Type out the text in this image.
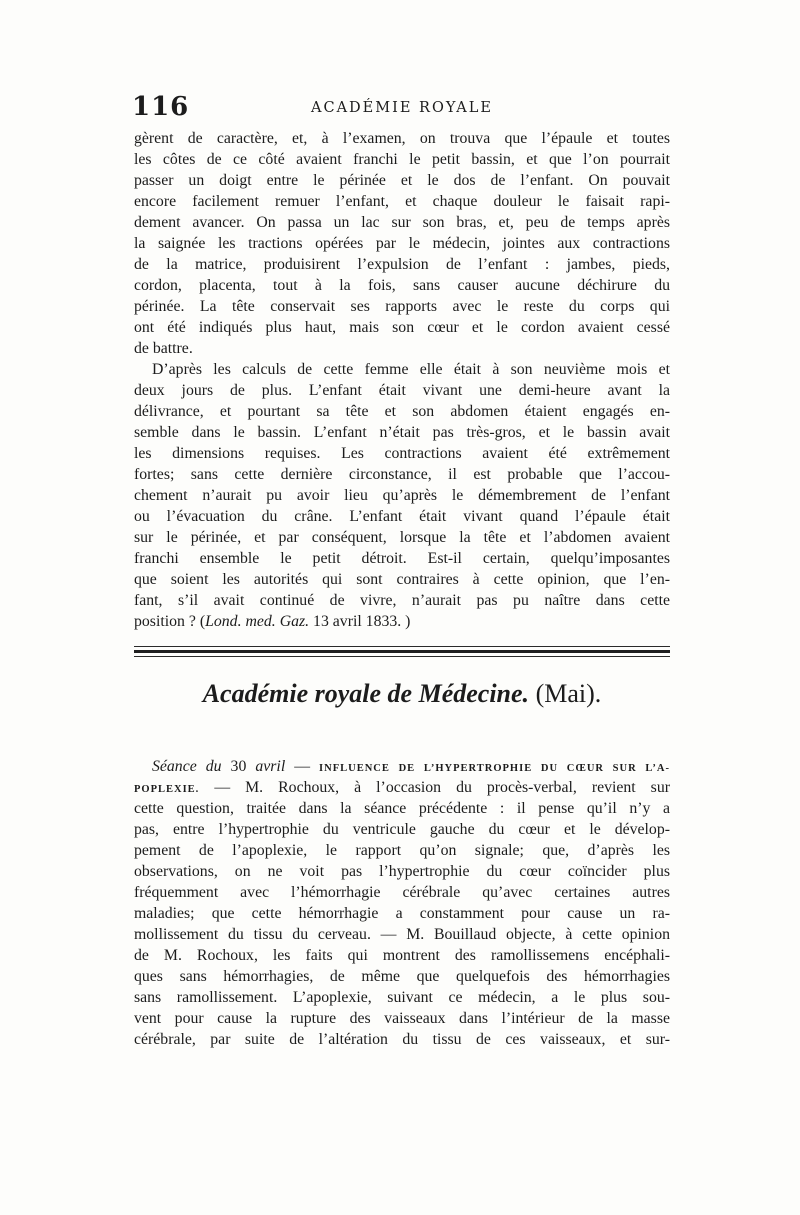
116	ACADÉMIE ROYALE
gèrent de caractère, et, à l’examen, on trouva que l’épaule et toutes
les côtes de ce côté avaient franchi le petit bassin, et que l’on pourrait
passer un doigt entre le périnée et le dos de l’enfant. On pouvait
encore facilement remuer l’enfant, et chaque douleur le faisait rapi-
dement avancer. On passa un lac sur son bras, et, peu de temps après
la saignée les tractions opérées par le médecin, jointes aux contractions
de la matrice, produisirent l’expulsion de l’enfant : jambes, pieds,
cordon, placenta, tout à la fois, sans causer aucune déchirure du
périnée. La tête conservait ses rapports avec le reste du corps qui
ont été indiqués plus haut, mais son cœur et le cordon avaient cessé
de battre.
D’après les calculs de cette femme elle était à son neuvième mois et
deux jours de plus. L’enfant était vivant une demi-heure avant la
délivrance, et pourtant sa tête et son abdomen étaient engagés en-
semble dans le bassin. L’enfant n’était pas très-gros, et le bassin avait
les dimensions requises. Les contractions avaient été extrêmement
fortes; sans cette dernière circonstance, il est probable que l’accou-
chement n’aurait pu avoir lieu qu’après le démembrement de l’enfant
ou l’évacuation du crâne. L’enfant était vivant quand l’épaule était
sur le périnée, et par conséquent, lorsque la tête et l’abdomen avaient
franchi ensemble le petit détroit. Est-il certain, quelqu’imposantes
que soient les autorités qui sont contraires à cette opinion, que l’en-
fant, s’il avait continué de vivre, n’aurait pas pu naître dans cette
position ? (Lond. med. Gaz. 13 avril 1833. )
Académie royale de Médecine. (Mai).
Séance du 30 avril — INFLUENCE DE L’HYPERTROPHIE DU CŒUR SUR L’A-
POPLEXIE. — M. Rochoux, à l’occasion du procès-verbal, revient sur
cette question, traitée dans la séance précédente : il pense qu’il n’y a
pas, entre l’hypertrophie du ventricule gauche du cœur et le dévelop-
pement de l’apoplexie, le rapport qu’on signale; que, d’après les
observations, on ne voit pas l’hypertrophie du cœur coïncider plus
fréquemment avec l’hémorrhagie cérébrale qu’avec certaines autres
maladies; que cette hémorrhagie a constamment pour cause un ra-
mollissement du tissu du cerveau. — M. Bouillaud objecte, à cette opinion
de M. Rochoux, les faits qui montrent des ramollissemens encéphali-
ques sans hémorrhagies, de même que quelquefois des hémorrhagies
sans ramollissement. L’apoplexie, suivant ce médecin, a le plus sou-
vent pour cause la rupture des vaisseaux dans l’intérieur de la masse
cérébrale, par suite de l’altération du tissu de ces vaisseaux, et sur-
